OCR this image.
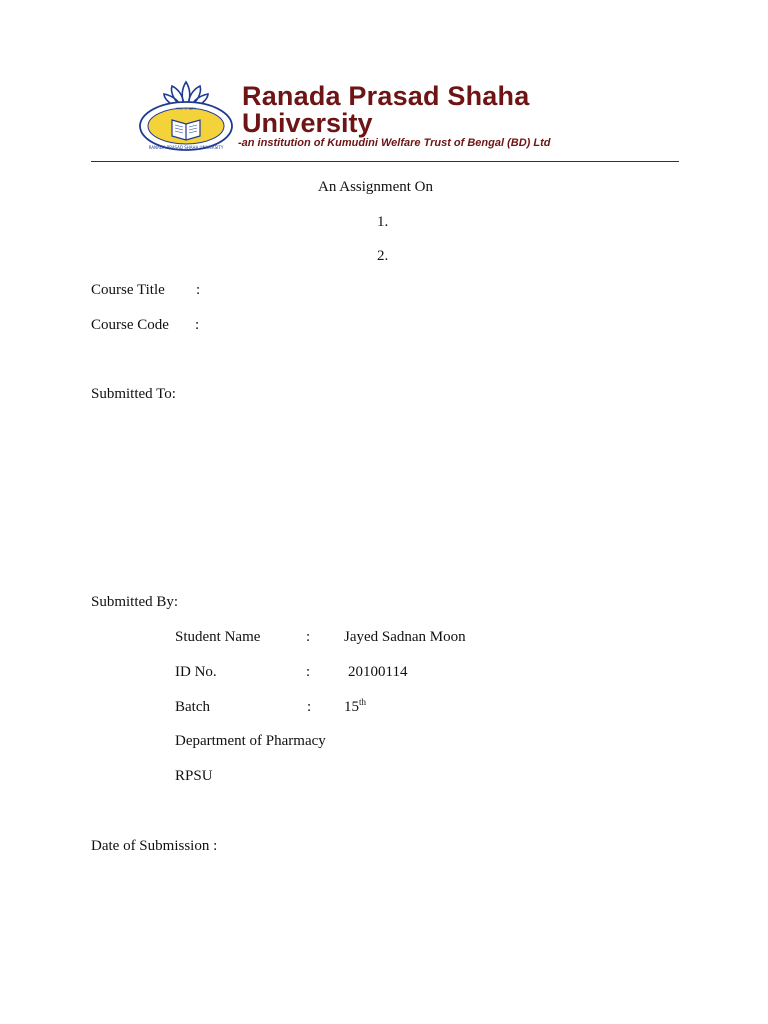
সত্য ও জ্ঞান
RANADA PRASAD SHAHA UNIVERSITY
Ranada Prasad Shaha
University
-an institution of Kumudini Welfare Trust of Bengal (BD) Ltd
An Assignment On
1.
2.
Course Title :
Course Code :
Submitted To:
Submitted By:
Student Name	: Jayed Sadnan Moon
ID No.	:	20100114
Batch	: 15th
Department of Pharmacy
RPSU
Date of Submission :
